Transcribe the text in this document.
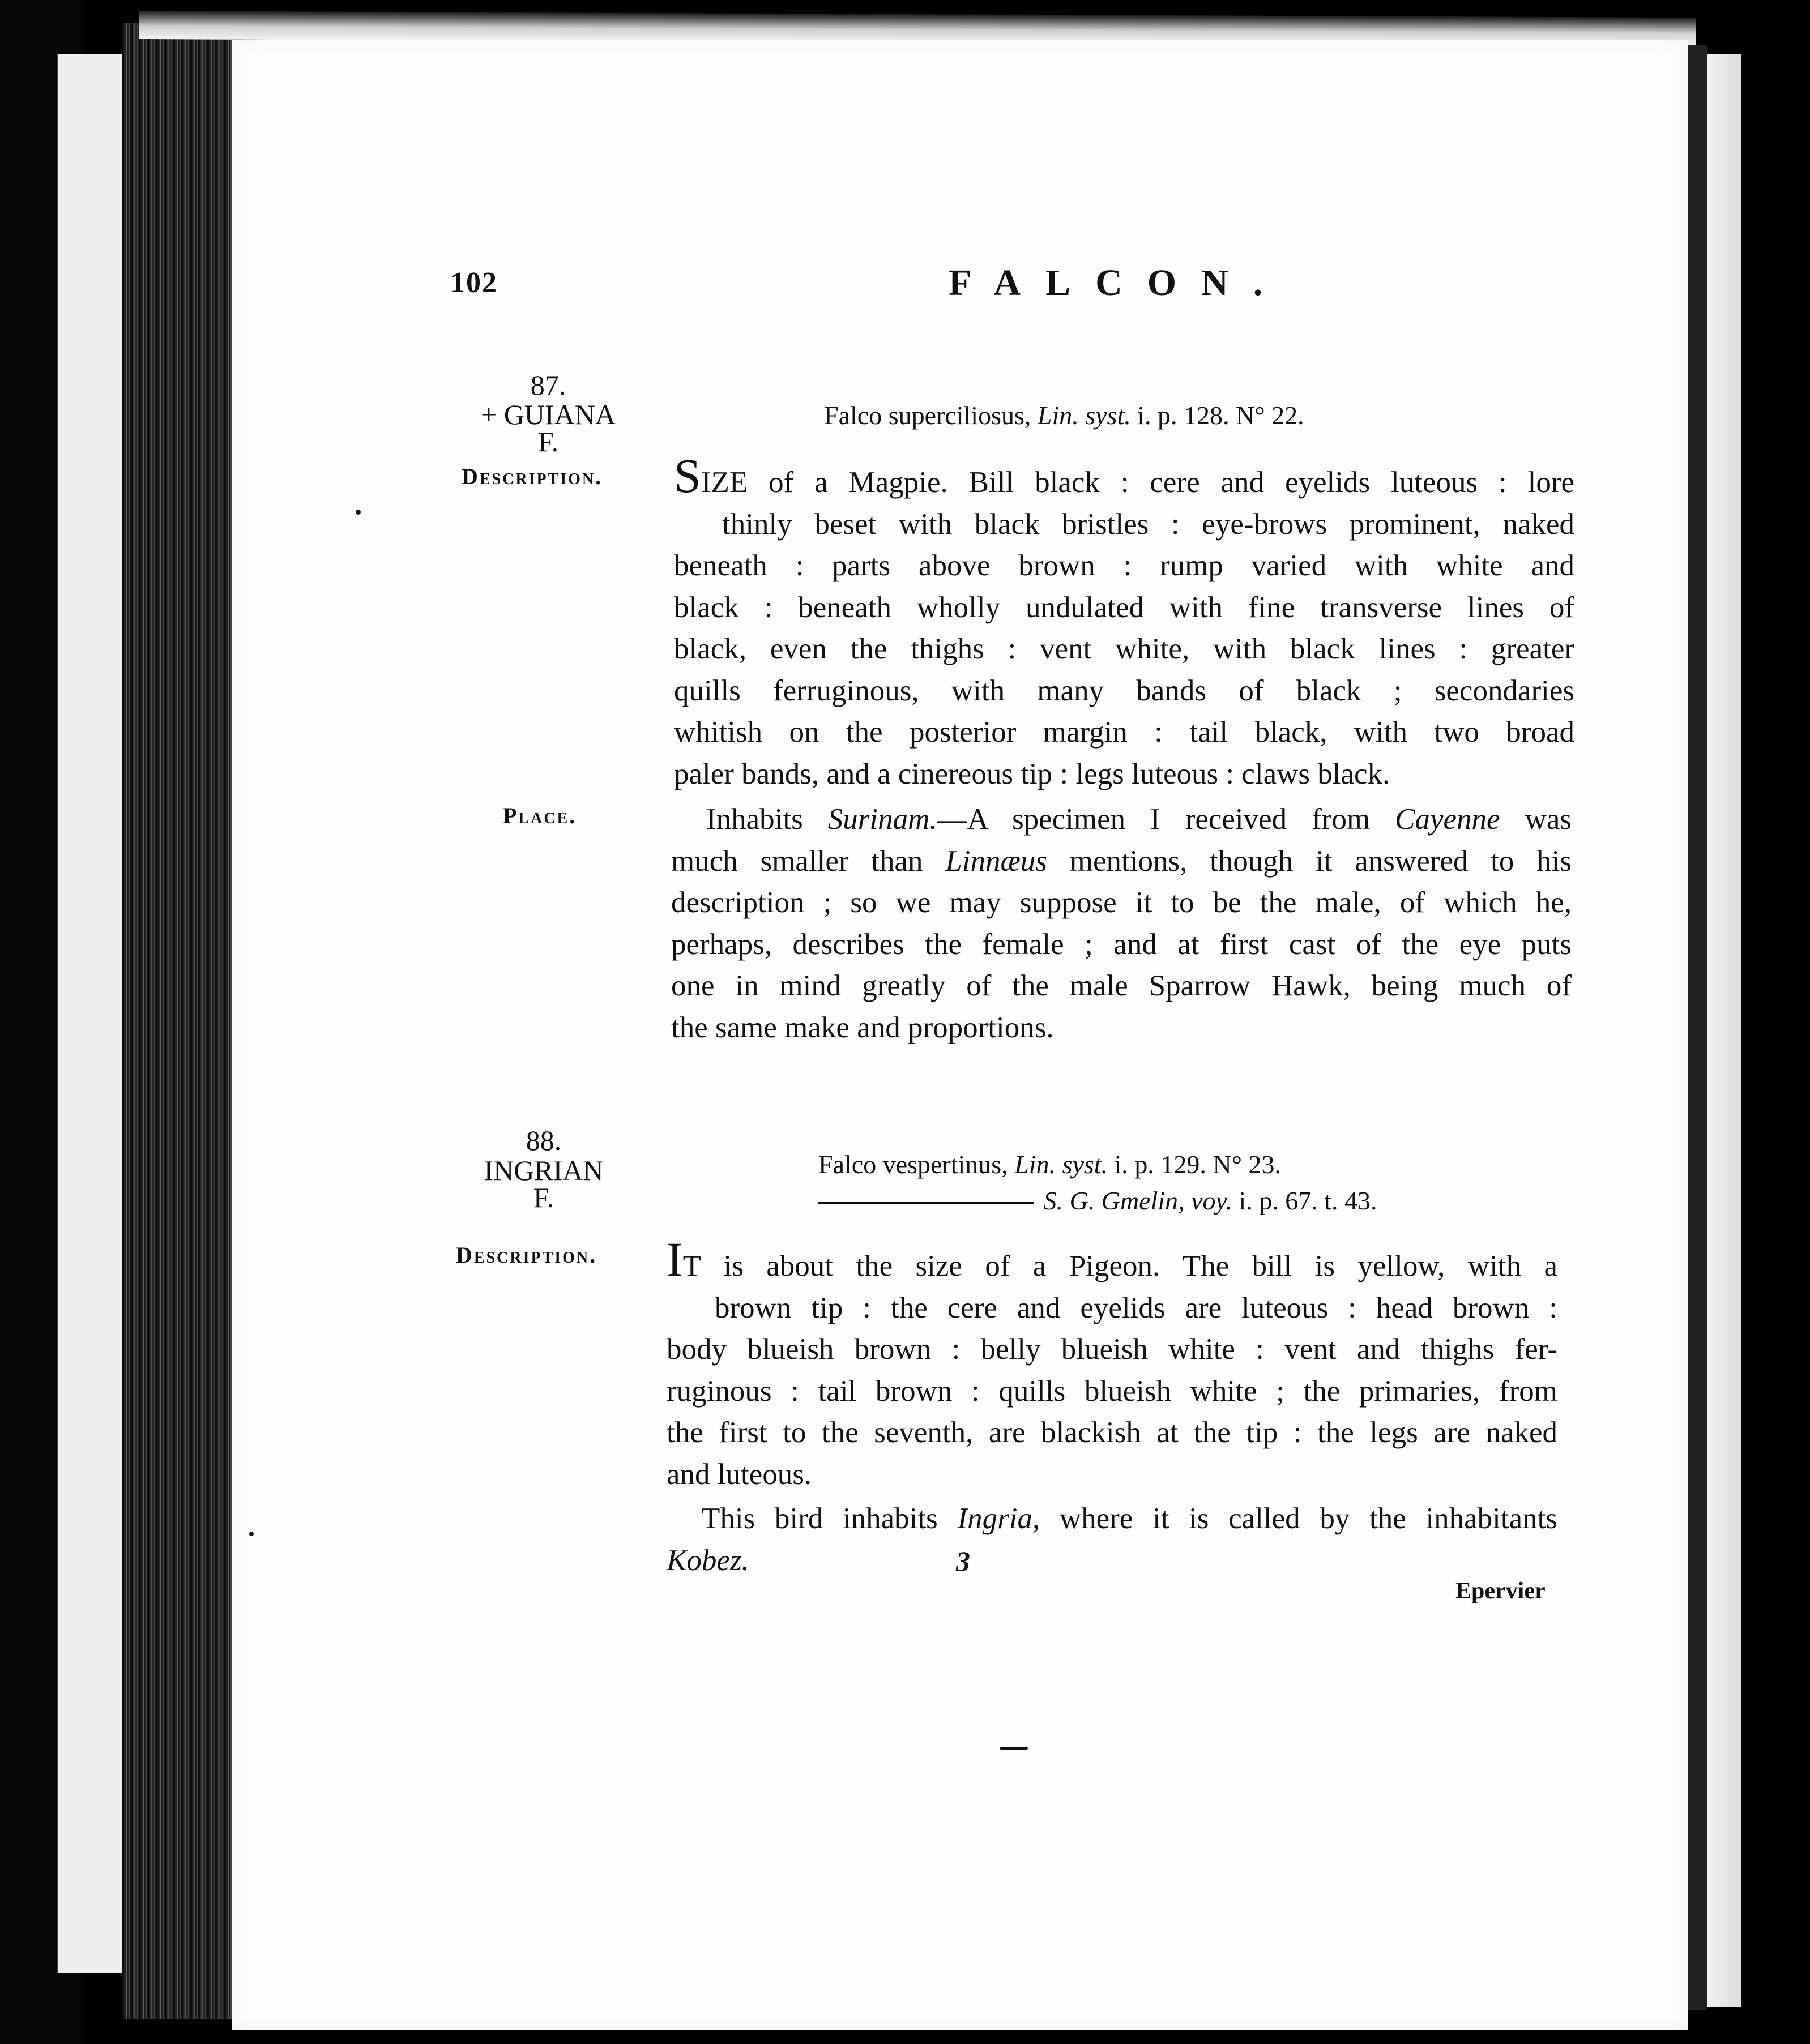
102	FALCON.
87.
+ GUIANA
F.
Description.
Place.
Falco superciliosus, Lin. syst. i. p. 128. N° 22.
SIZE of a Magpie. Bill black : cere and eyelids luteous : lore
thinly beset with black bristles : eye-brows prominent, naked
beneath : parts above brown : rump varied with white and
black : beneath wholly undulated with fine transverse lines of
black, even the thighs : vent white, with black lines : greater
quills ferruginous, with many bands of black ; secondaries
whitish on the posterior margin : tail black, with two broad
paler bands, and a cinereous tip : legs luteous : claws black.
Inhabits Surinam.—A specimen I received from Cayenne was
much smaller than Linnæus mentions, though it answered to his
description ; so we may suppose it to be the male, of which he,
perhaps, describes the female ; and at first cast of the eye puts
one in mind greatly of the male Sparrow Hawk, being much of
the same make and proportions.
88.
INGRIAN
F.
Description.
Falco vespertinus, Lin. syst. i. p. 129. N° 23.
S. G. Gmelin, voy. i. p. 67. t. 43.
IT is about the size of a Pigeon. The bill is yellow, with a
brown tip : the cere and eyelids are luteous : head brown :
body blueish brown : belly blueish white : vent and thighs fer-
ruginous : tail brown : quills blueish white ; the primaries, from
the first to the seventh, are blackish at the tip : the legs are naked
and luteous.
This bird inhabits Ingria, where it is called by the inhabitants
Kobez.	3
Epervier
